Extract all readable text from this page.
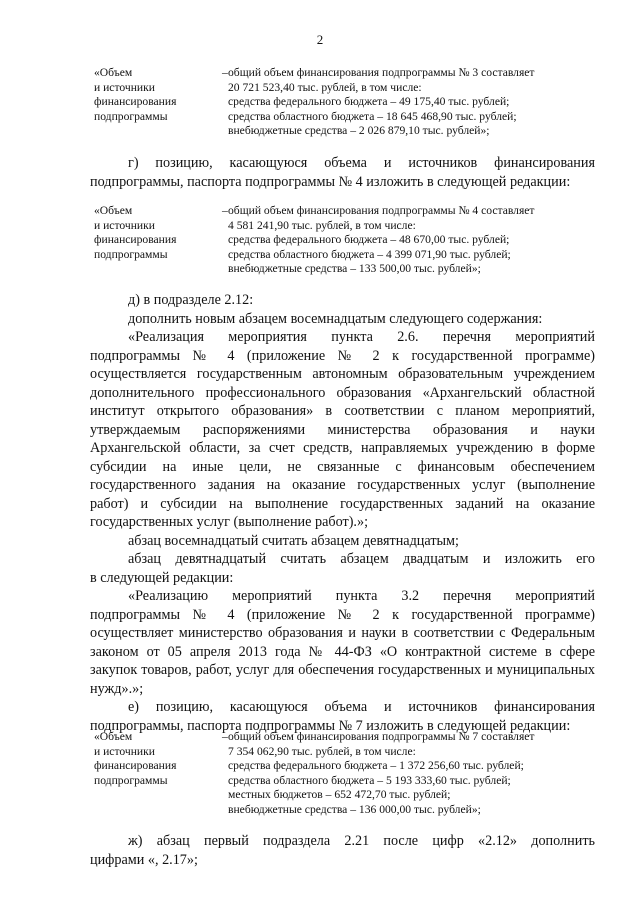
2
«Объем
и источники
финансирования
подпрограммы
– общий объем финансирования подпрограммы № 3 составляет
20 721 523,40 тыс. рублей, в том числе:
средства федерального бюджета – 49 175,40 тыс. рублей;
средства областного бюджета – 18 645 468,90 тыс. рублей;
внебюджетные средства – 2 026 879,10 тыс. рублей»;

г) позицию, касающуюся объема и источников финансирования

подпрограммы, паспорта подпрограммы № 4 изложить в следующей редакции:

«Объем
и источники
финансирования
подпрограммы
– общий объем финансирования подпрограммы № 4 составляет
4 581 241,90 тыс. рублей, в том числе:
средства федерального бюджета – 48 670,00 тыс. рублей;
средства областного бюджета – 4 399 071,90 тыс. рублей;
внебюджетные средства – 133 500,00 тыс. рублей»;

д) в подразделе 2.12:

дополнить новым абзацем восемнадцатым следующего содержания:

«Реализация мероприятия пункта 2.6. перечня мероприятий

подпрограммы № 4 (приложение № 2 к государственной программе)

осуществляется государственным автономным образовательным учреждением

дополнительного профессионального образования «Архангельский областной

институт открытого образования» в соответствии с планом мероприятий,

утверждаемым распоряжениями министерства образования и науки

Архангельской области, за счет средств, направляемых учреждению в форме

субсидии на иные цели, не связанные с финансовым обеспечением

государственного задания на оказание государственных услуг (выполнение

работ) и субсидии на выполнение государственных заданий на оказание

государственных услуг (выполнение работ).»;

абзац восемнадцатый считать абзацем девятнадцатым;

абзац девятнадцатый считать абзацем двадцатым и изложить его

в следующей редакции:

«Реализацию мероприятий пункта 3.2 перечня мероприятий

подпрограммы № 4 (приложение № 2 к государственной программе)

осуществляет министерство образования и науки в соответствии с Федеральным

законом от 05 апреля 2013 года № 44-ФЗ «О контрактной системе в сфере

закупок товаров, работ, услуг для обеспечения государственных и муниципальных

нужд».»;

е) позицию, касающуюся объема и источников финансирования

подпрограммы, паспорта подпрограммы № 7 изложить в следующей редакции:

«Объем
и источники
финансирования
подпрограммы
– общий объем финансирования подпрограммы № 7 составляет
7 354 062,90 тыс. рублей, в том числе:
средства федерального бюджета – 1 372 256,60 тыс. рублей;
средства областного бюджета – 5 193 333,60 тыс. рублей;
местных бюджетов – 652 472,70 тыс. рублей;
внебюджетные средства – 136 000,00 тыс. рублей»;

ж) абзац первый подраздела 2.21 после цифр «2.12» дополнить

цифрами «, 2.17»;
